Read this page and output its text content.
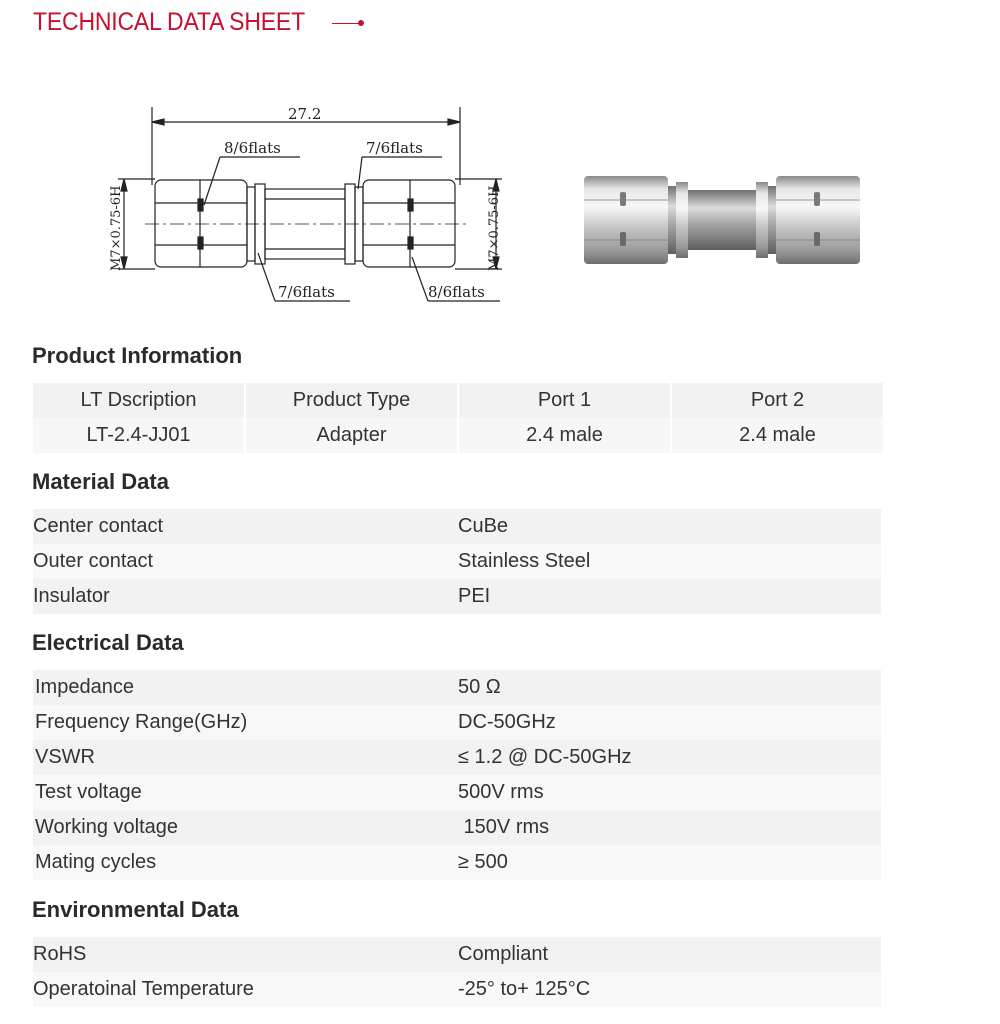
TECHNICAL DATA SHEET
27.2
8/6flats	7/6flats
7/6flats	8/6flats
M7×0.75-6H	M7×0.75-6H
Product Information
LT Dscription	Product Type	Port 1	Port 2
LT-2.4-JJ01	Adapter	2.4 male	2.4 male
Material Data
Center contact	CuBe
Outer contact	Stainless Steel
Insulator	PEI
Electrical Data
Impedance	50 Ω
Frequency Range(GHz)	DC-50GHz
VSWR	≤ 1.2 @ DC-50GHz
Test voltage	500V rms
Working voltage	150V rms
Mating cycles	≥ 500
Environmental Data
RoHS	Compliant
Operatoinal Temperature	-25° to+ 125°C
